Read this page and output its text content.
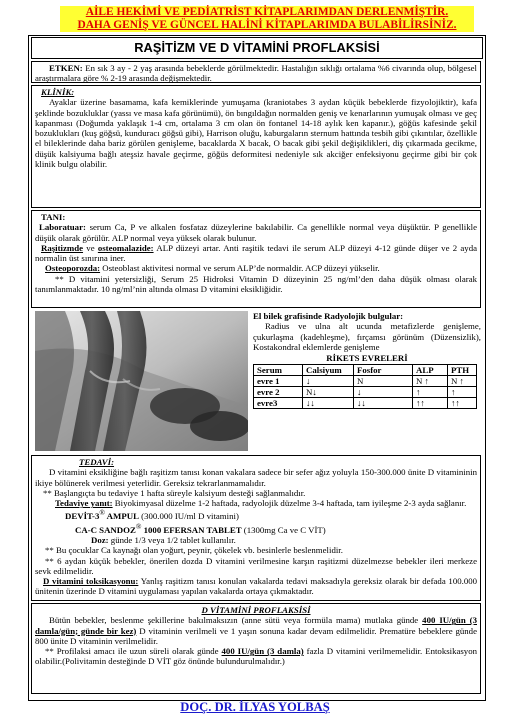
AİLE HEKİMİ VE PEDİATRİST KİTAPLARIMDAN DERLENMİŞTİR.
DAHA GENİŞ VE GÜNCEL HALİNİ KİTAPLARIMDA BULABİLİRSİNİZ.
RAŞİTİZM VE D VİTAMİNİ PROFLAKSİSİ

ETKEN: En sık 3 ay - 2 yaş arasında bebeklerde görülmektedir. Hastalığın sıklığı ortalama %6 civarında olup, bölgesel araştırmalara göre % 2-19 arasında değişmektedir.

KLİNİK:

Ayaklar üzerine basamama, kafa kemiklerinde yumuşama (kraniotabes 3 aydan küçük bebeklerde fizyolojiktir), kafa şeklinde bozukluklar (yassı ve masa kafa görünümü), ön bıngıldağın normalden geniş ve kenarlarının yumuşak olması ve geç kapanması (Doğumda yaklaşık 1-4 cm, ortalama 3 cm olan ön fontanel 14-18 aylık ken kapanır.), göğüs kafesinde şekil bozuklukları (kuş göğsü, kunduracı göğsü gibi), Harrison oluğu, kaburgaların sternum hattında tesbih gibi çıkıntılar, özellikle el bileklerinde daha bariz görülen genişleme, bacaklarda X bacak, O bacak gibi şekil değişiklikleri, diş çıkarmada gecikme, düşük kalsiyuma bağlı ateşsiz havale geçirme, göğüs deformitesi nedeniyle sık akciğer enfeksiyonu geçirme gibi bir çok klinik bulgu olabilir.

TANI:

Laboratuar: serum Ca, P ve alkalen fosfataz düzeylerine bakılabilir. Ca genellikle normal veya düşüktür. P genellikle düşük olarak görülür. ALP normal veya yüksek olarak bulunur.

Raşitizmde ve osteomalazide: ALP düzeyi artar. Anti raşitik tedavi ile serum ALP düzeyi 4-12 günde düşer ve 2 ayda normalin üst sınırına iner.

Osteoporozda: Osteoblast aktivitesi normal ve serum ALP’de normaldir. ACP düzeyi yükselir.

** D vitamini yetersizliği, Serum 25 Hidroksi Vitamin D düzeyinin 25 ng/ml’den daha düşük olması olarak tanımlanmaktadır. 10 ng/ml’nin altında olması D vitamini eksikliğidir.

El bilek grafisinde Radyolojik bulgular:
Radius ve ulna alt ucunda metafizlerde genişleme, çukurlaşma (kadehleşme), fırçamsı görünüm (Düzensizlik), Kostakondral eklemlerde genişleme
RİKETS EVRELERİ
Serum	Calsiyum	Fosfor	ALP	PTH
evre 1	↓	N	N ↑	N ↑
evre 2	N↓	↓	↑	↑
evre3	↓↓	↓↓	↑↑	↑↑

TEDAVİ:

D vitamini eksikliğine bağlı raşitizm tanısı konan vakalara sadece bir sefer ağız yoluyla 150-300.000 ünite D vitamininin ikiye bölünerek verilmesi yeterlidir. Gereksiz tekrarlanmamalıdır.

** Başlangıçta bu tedaviye 1 hafta süreyle kalsiyum desteği sağlanmalıdır.

Tedaviye yanıt: Biyokimyasal düzelme 1-2 haftada, radyolojik düzelme 3-4 haftada, tam iyileşme 2-3 ayda sağlanır.

DEVİT-3® AMPUL (300.000 IU/ml D vitamini)

CA-C SANDOZ® 1000 EFERSAN TABLET (1300mg Ca ve C VİT)

Doz: günde 1/3 veya 1/2 tablet kullanılır.

** Bu çocuklar Ca kaynağı olan yoğurt, peynir, çökelek vb. besinlerle beslenmelidir.

** 6 aydan küçük bebekler, önerilen dozda D vitamini verilmesine karşın raşitizmi düzelmezse bebekler ileri merkeze sevk edilmelidir.

D vitamini toksikasyonu: Yanlış raşitizm tanısı konulan vakalarda tedavi maksadıyla gereksiz olarak bir defada 100.000 ünitenin üzerinde D vitamini uygulaması yapılan vakalarda ortaya çıkmaktadır.

D VİTAMİNİ PROFLAKSİSİ

Bütün bebekler, beslenme şekillerine bakılmaksızın (anne sütü veya formüla mama) mutlaka günde 400 IU/gün (3 damla/gün; günde bir kez) D vitaminin verilmeli ve 1 yaşın sonuna kadar devam edilmelidir. Prematüre bebeklere günde 800 ünite D vitaminin verilmelidir.

** Profilaksi amacı ile uzun süreli olarak günde 400 IU/gün (3 damla) fazla D vitamini verilmemelidir. Entoksikasyon olabilir.(Polivitamin desteğinde D VİT göz önünde bulundurulmalıdır.)

DOÇ. DR. İLYAS YOLBAŞ
